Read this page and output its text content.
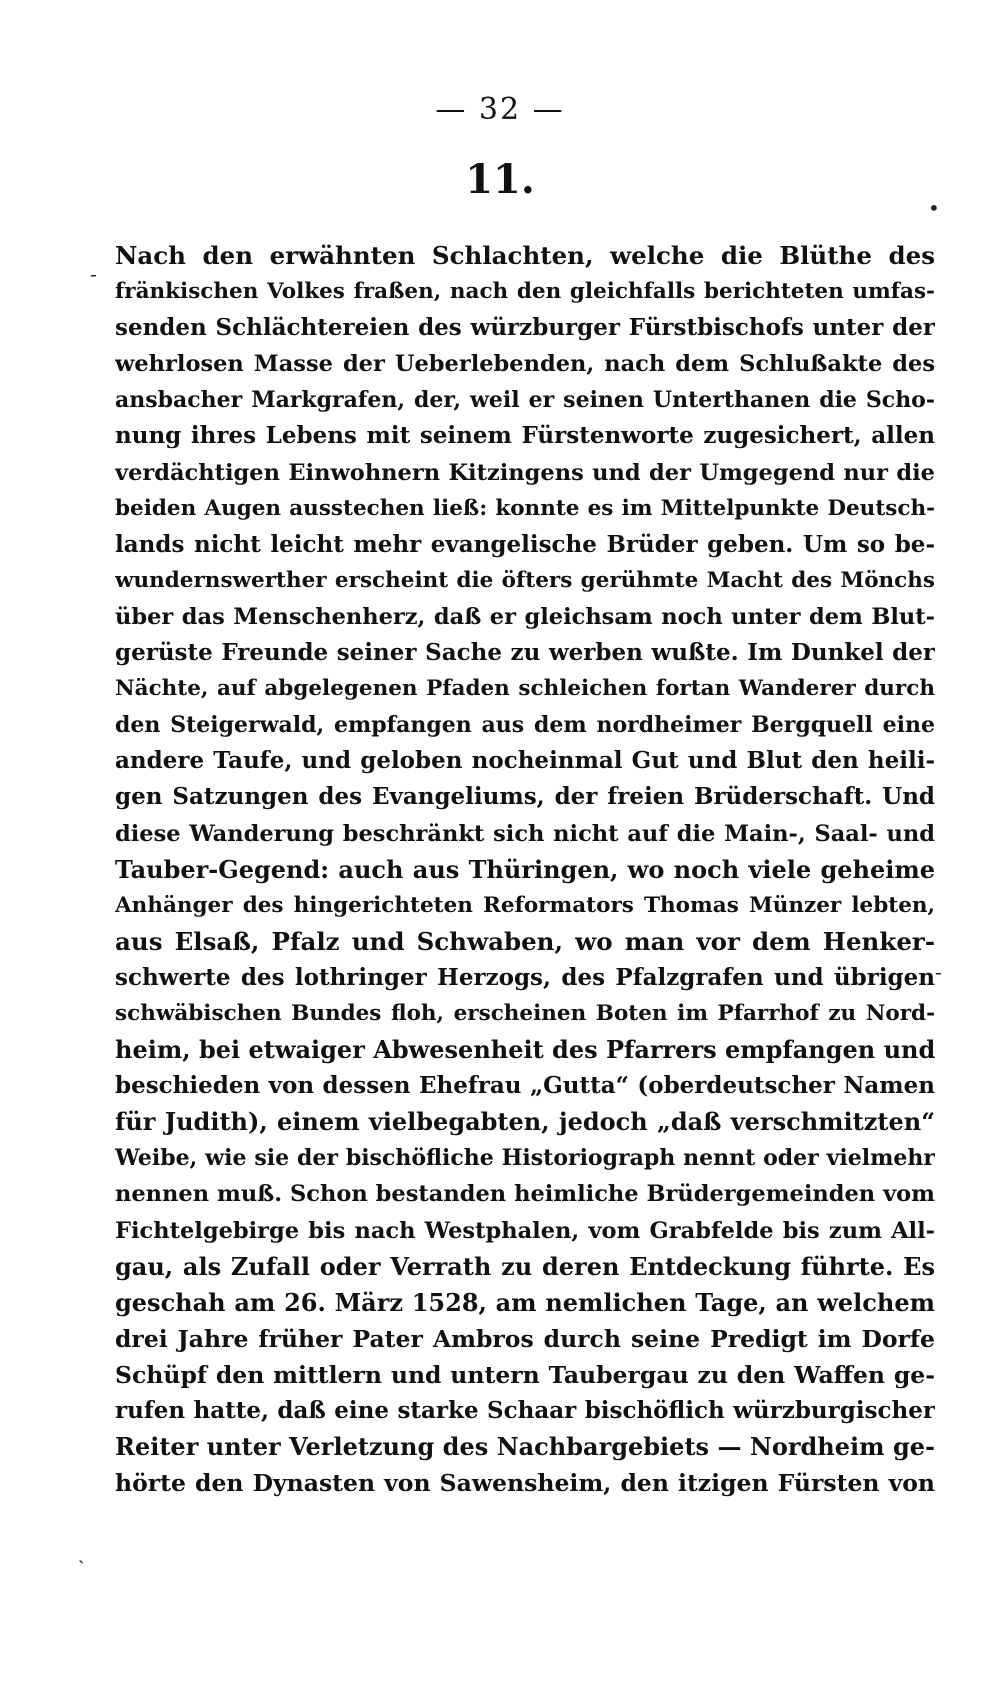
— 32 —
11.
Nach den erwähnten Schlachten, welche die Blüthe des
fränkischen Volkes fraßen, nach den gleichfalls berichteten umfas-
senden Schlächtereien des würzburger Fürstbischofs unter der
wehrlosen Masse der Ueberlebenden, nach dem Schlußakte des
ansbacher Markgrafen, der, weil er seinen Unterthanen die Scho-
nung ihres Lebens mit seinem Fürstenworte zugesichert, allen
verdächtigen Einwohnern Kitzingens und der Umgegend nur die
beiden Augen ausstechen ließ: konnte es im Mittelpunkte Deutsch-
lands nicht leicht mehr evangelische Brüder geben. Um so be-
wundernswerther erscheint die öfters gerühmte Macht des Mönchs
über das Menschenherz, daß er gleichsam noch unter dem Blut-
gerüste Freunde seiner Sache zu werben wußte. Im Dunkel der
Nächte, auf abgelegenen Pfaden schleichen fortan Wanderer durch
den Steigerwald, empfangen aus dem nordheimer Bergquell eine
andere Taufe, und geloben nocheinmal Gut und Blut den heili-
gen Satzungen des Evangeliums, der freien Brüderschaft. Und
diese Wanderung beschränkt sich nicht auf die Main-, Saal- und
Tauber-Gegend: auch aus Thüringen, wo noch viele geheime
Anhänger des hingerichteten Reformators Thomas Münzer lebten,
aus Elsaß, Pfalz und Schwaben, wo man vor dem Henker-
schwerte des lothringer Herzogs, des Pfalzgrafen und übrigen
schwäbischen Bundes floh, erscheinen Boten im Pfarrhof zu Nord-
heim, bei etwaiger Abwesenheit des Pfarrers empfangen und
beschieden von dessen Ehefrau „Gutta“ (oberdeutscher Namen
für Judith), einem vielbegabten, jedoch „daß verschmitzten“
Weibe, wie sie der bischöfliche Historiograph nennt oder vielmehr
nennen muß. Schon bestanden heimliche Brüdergemeinden vom
Fichtelgebirge bis nach Westphalen, vom Grabfelde bis zum All-
gau, als Zufall oder Verrath zu deren Entdeckung führte. Es
geschah am 26. März 1528, am nemlichen Tage, an welchem
drei Jahre früher Pater Ambros durch seine Predigt im Dorfe
Schüpf den mittlern und untern Taubergau zu den Waffen ge-
rufen hatte, daß eine starke Schaar bischöflich würzburgischer
Reiter unter Verletzung des Nachbargebiets — Nordheim ge-
hörte den Dynasten von Sawensheim, den itzigen Fürsten von
•
-
-
ˏ
